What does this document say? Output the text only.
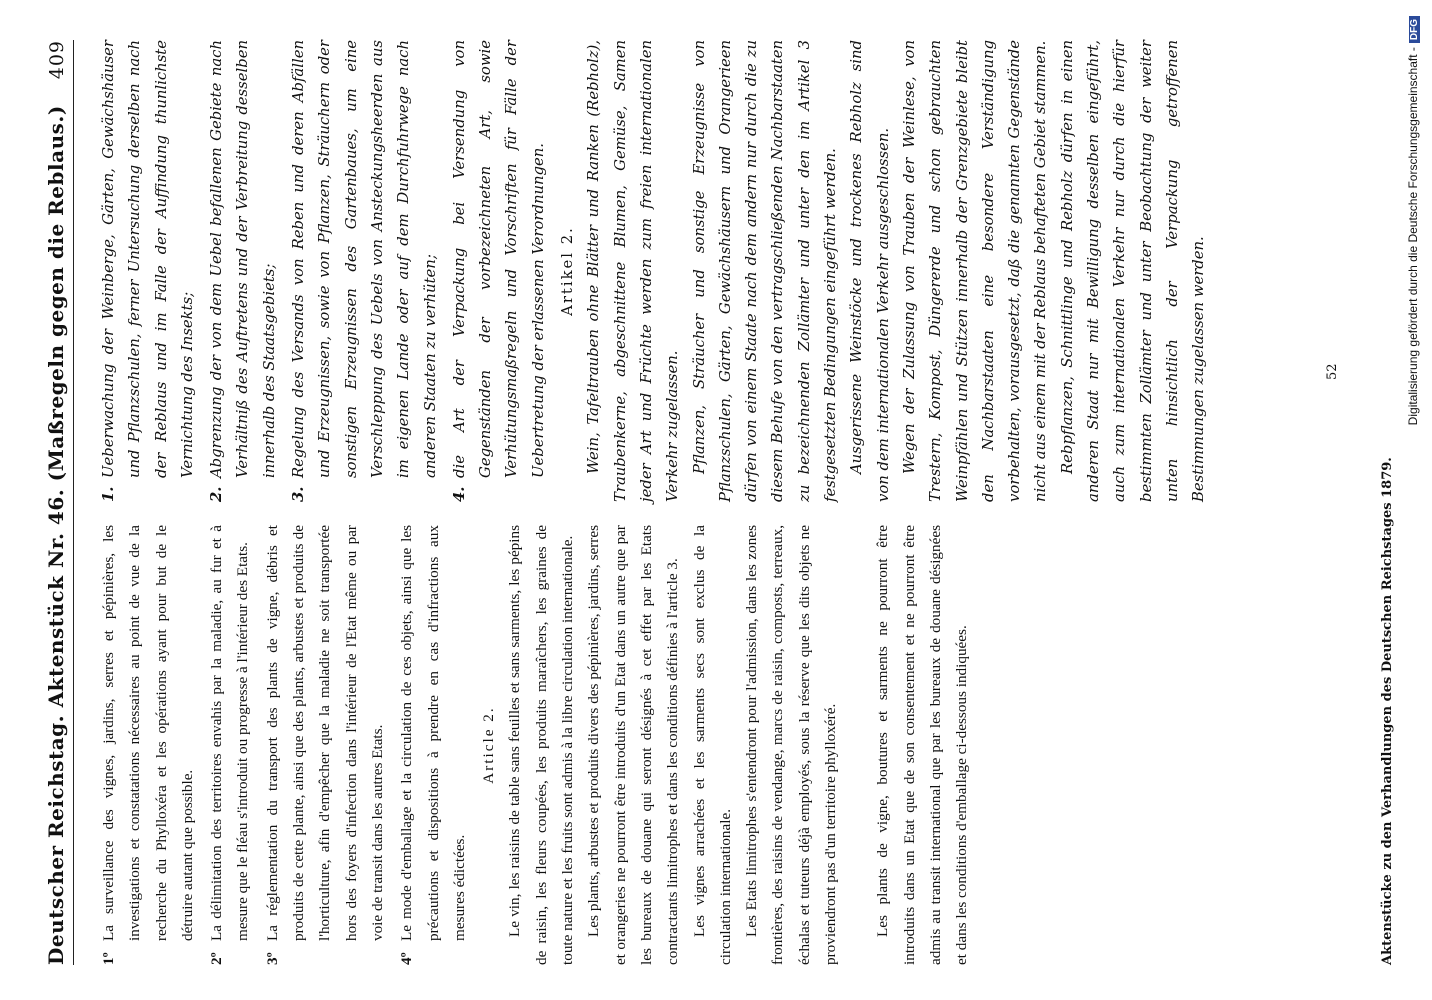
Deutscher Reichstag. Aktenstück Nr. 46. (Maßregeln gegen die Reblaus.)
409
1º
La surveillance des vignes, jardins, serres et pépinières, les investigations et constatations nécessaires au point de vue de la recherche du Phylloxéra et les opérations ayant pour but de le détruire autant que possible.
2º
La délimitation des territoires envahis par la maladie, au fur et à mesure que le fléau s'introduit ou progresse à l'intérieur des Etats.
3º
La réglementation du transport des plants de vigne, débris et produits de cette plante, ainsi que des plants, arbustes et produits de l'horticulture, afin d'empêcher que la maladie ne soit transportée hors des foyers d'infection dans l'intérieur de l'Etat même ou par voie de transit dans les autres Etats.
4º
Le mode d'emballage et la circulation de ces objets, ainsi que les précautions et dispositions à prendre en cas d'infractions aux mesures édictées.
Article 2. Le vin, les raisins de table sans feuilles et sans sarments, les pépins de raisin, les fleurs coupées, les produits maraîchers, les graines de toute nature et les fruits sont admis à la libre circulation internationale. Les plants, arbustes et produits divers des pépinières, jardins, serres et orangeries ne pourront être introduits d'un Etat dans un autre que par les bureaux de douane qui seront désignés à cet effet par les Etats contractants limitrophes et dans les conditions définies à l'article 3. Les vignes arrachées et les sarments secs sont exclus de la circulation internationale. Les Etats limitrophes s'entendront pour l'admission, dans les zones frontières, des raisins de vendange, marcs de raisin, composts, terreaux, échalas et tuteurs déjà employés, sous la réserve que les dits objets ne proviendront pas d'un territoire phylloxéré.	Les plants de vigne, boutures et sarments ne pourront être introduits dans un Etat que de son consentement et ne pourront être admis au transit international que par les bureaux de douane désignées et dans les conditions d'emballage ci-dessous indiquées.

1.
Ueberwachung der Weinberge, Gärten, Gewächshäuser und Pflanzschulen, ferner Untersuchung derselben nach der Reblaus und im Falle der Auffindung thunlichste Vernichtung des Insekts;
2.
Abgrenzung der von dem Uebel befallenen Gebiete nach Verhältniß des Auftretens und der Verbreitung desselben innerhalb des Staatsgebiets;
3.
Regelung des Versands von Reben und deren Abfällen und Erzeugnissen, sowie von Pflanzen, Sträuchern oder sonstigen Erzeugnissen des Gartenbaues, um eine Verschleppung des Uebels von Ansteckungsheerden aus im eigenen Lande oder auf dem Durchfuhrwege nach anderen Staaten zu verhüten;
4.
die Art der Verpackung bei Versendung von Gegenständen der vorbezeichneten Art, sowie Verhütungsmaßregeln und Vorschriften für Fälle der Uebertretung der erlassenen Verordnungen. Artikel 2. Wein, Tafeltrauben ohne Blätter und Ranken (Rebholz), Traubenkerne, abgeschnittene Blumen, Gemüse, Samen jeder Art und Früchte werden zum freien internationalen Verkehr zugelassen. Pflanzen, Sträucher und sonstige Erzeugnisse von Pflanzschulen, Gärten, Gewächshäusern und Orangerieen dürfen von einem Staate nach dem andern nur durch die zu diesem Behufe von den vertragschließenden Nachbarstaaten zu bezeichnenden Zollämter und unter den im Artikel 3 festgesetzten Bedingungen eingeführt werden. Ausgerissene Weinstöcke und trockenes Rebholz sind von dem internationalen Verkehr ausgeschlossen. Wegen der Zulassung von Trauben der Weinlese, von Trestern, Kompost, Düngererde und schon gebrauchten Weinpfählen und Stützen innerhalb der Grenzgebiete bleibt den Nachbarstaaten eine besondere Verständigung vorbehalten, vorausgesetzt, daß die genannten Gegenstände nicht aus einem mit der Reblaus behafteten Gebiet stammen. Rebpflanzen, Schnittlinge und Rebholz dürfen in einen anderen Staat nur mit Bewilligung desselben eingeführt, auch zum internationalen Verkehr nur durch die hierfür bestimmten Zollämter und unter Beobachtung der weiter unten hinsichtlich der Verpackung getroffenen Bestimmungen zugelassen werden.	52
Aktenstücke zu den Verhandlungen des Deutschen Reichstages 1879.
Digitalisierung gefördert durch die Deutsche Forschungsgemeinschaft -DFG
